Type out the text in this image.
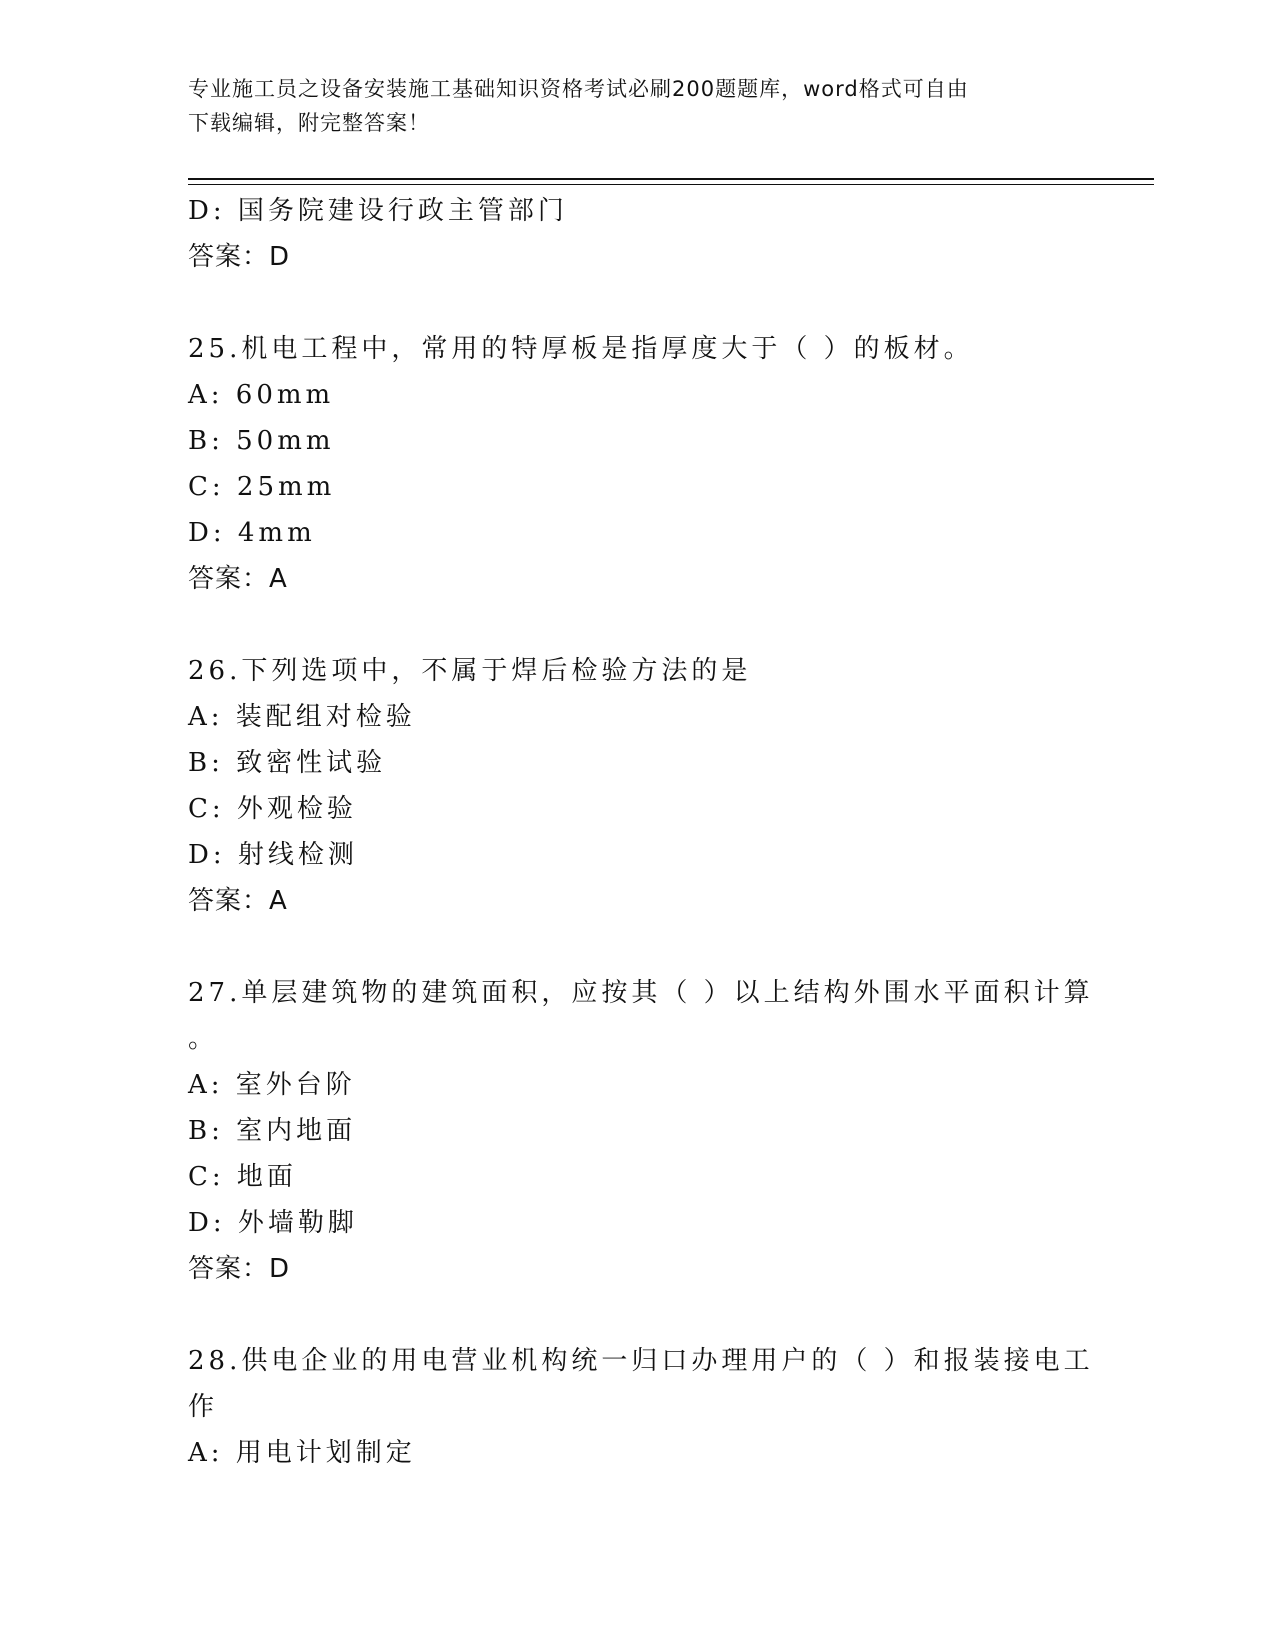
专业施工员之设备安装施工基础知识资格考试必刷200题题库，word格式可自由
下载编辑，附完整答案！
D: 国务院建设行政主管部门
答案：D
25.机电工程中，常用的特厚板是指厚度大于（ ）的板材。
A: 60mm
B: 50mm
C: 25mm
D: 4mm
答案：A
26.下列选项中，不属于焊后检验方法的是
A: 装配组对检验
B: 致密性试验
C: 外观检验
D: 射线检测
答案：A
27.单层建筑物的建筑面积，应按其（ ）以上结构外围水平面积计算
。
A: 室外台阶
B: 室内地面
C: 地面
D: 外墙勒脚
答案：D
28.供电企业的用电营业机构统一归口办理用户的（ ）和报装接电工
作
A: 用电计划制定
